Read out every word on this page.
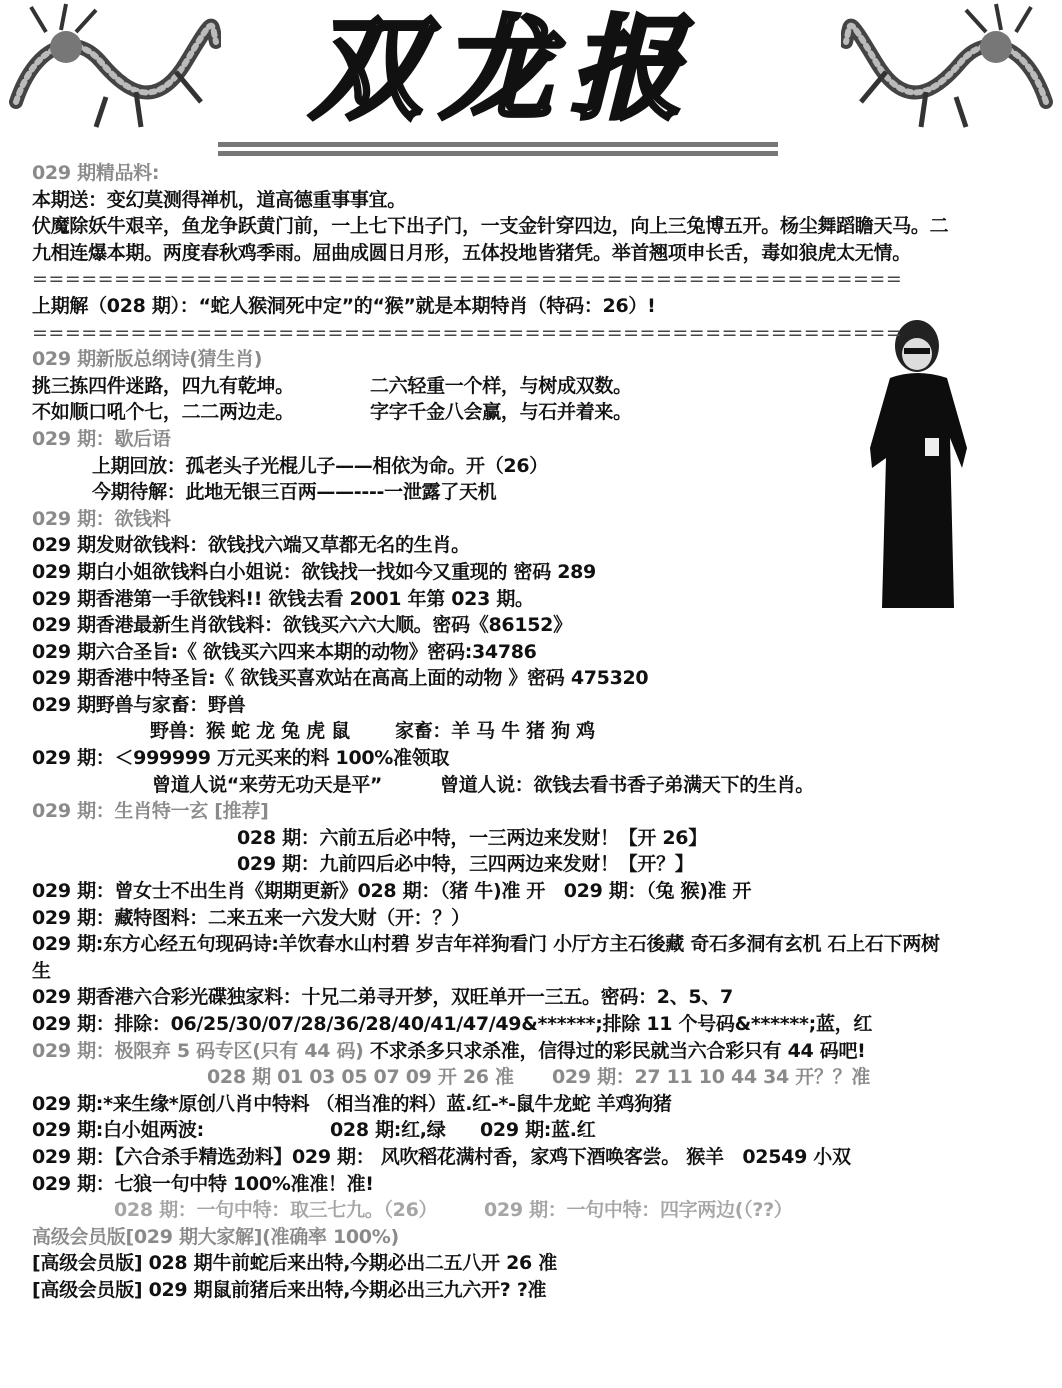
双龙报
029 期精品料:
本期送：变幻莫测得禅机，道高德重事事宜。
伏魔除妖牛艰辛，鱼龙争跃黄门前，一上七下出子门，一支金针穿四边，向上三兔博五开。杨尘舞蹈瞻天马。二九相连爆本期。两度春秋鸡季雨。屈曲成圆日月形，五体投地皆猪凭。举首翘项申长舌，毒如狼虎太无情。
=====================================================
上期解（028 期）：“蛇人猴洞死中定”的“猴”就是本期特肖（特码：26）!
=====================================================
029 期新版总纲诗(猜生肖)
挑三拣四件迷路，四九有乾坤。	二六轻重一个样，与树成双数。
不如顺口吼个七，二二两边走。	字字千金八会赢，与石并着来。
029 期：歇后语
上期回放：孤老头子光棍儿子——相依为命。开（26）
今期待解：此地无银三百两——----一泄露了天机
029 期：欲钱料
029 期发财欲钱料：欲钱找六端又草都无名的生肖。
029 期白小姐欲钱料白小姐说：欲钱找一找如今又重现的 密码 289
029 期香港第一手欲钱料!! 欲钱去看 2001 年第 023 期。
029 期香港最新生肖欲钱料：欲钱买六六大顺。密码《86152》
029 期六合圣旨:《 欲钱买六四来本期的动物》密码:34786
029 期香港中特圣旨:《 欲钱买喜欢站在高高上面的动物 》密码 475320
029 期野兽与家畜：野兽
野兽：猴 蛇 龙 兔 虎 鼠 家畜：羊 马 牛 猪 狗 鸡
029 期：＜999999 万元买来的料 100%准领取
曾道人说“来劳无功天是平”	曾道人说：欲钱去看书香子弟满天下的生肖。
029 期：生肖特一玄 [推荐]
028 期：六前五后必中特，一三两边来发财！【开 26】
029 期：九前四后必中特，三四两边来发财！【开？】
029 期：曾女士不出生肖《期期更新》028 期：（猪 牛)准 开　029 期：（兔 猴)准 开
029 期：藏特图料：二来五来一六发大财（开：？）
029 期:东方心经五句现码诗:羊饮春水山村碧 岁吉年祥狗看门 小厅方主石後藏 奇石多洞有玄机 石上石下两树生
029 期香港六合彩光碟独家料：十兄二弟寻开梦，双旺单开一三五。密码：2、5、7
029 期：排除：06/25/30/07/28/36/28/40/41/47/49&******;排除 11 个号码&******;蓝，红
029 期：极限弃 5 码专区(只有 44 码) 不求杀多只求杀准，信得过的彩民就当六合彩只有 44 码吧!
028 期 01 03 05 07 09 开 26 准 029 期：27 11 10 44 34 开？？准
029 期:*来生缘*原创八肖中特料 （相当准的料）蓝.红-*-鼠牛龙蛇 羊鸡狗猪
029 期:白小姐两波:	028 期:红,绿 029 期:蓝.红
029 期：【六合杀手精选劲料】029 期： 风吹稻花满村香，家鸡下酒唤客尝。 猴羊　02549 小双
029 期：七狼一句中特 100%准准！准!
028 期：一句中特：取三七九。（26） 029 期：一句中特：四字两边(（??）
高级会员版[029 期大家解](准确率 100%)
[高级会员版] 028 期牛前蛇后来出特,今期必出二五八开 26 准
[高级会员版] 029 期鼠前猪后来出特,今期必出三九六开? ?准
